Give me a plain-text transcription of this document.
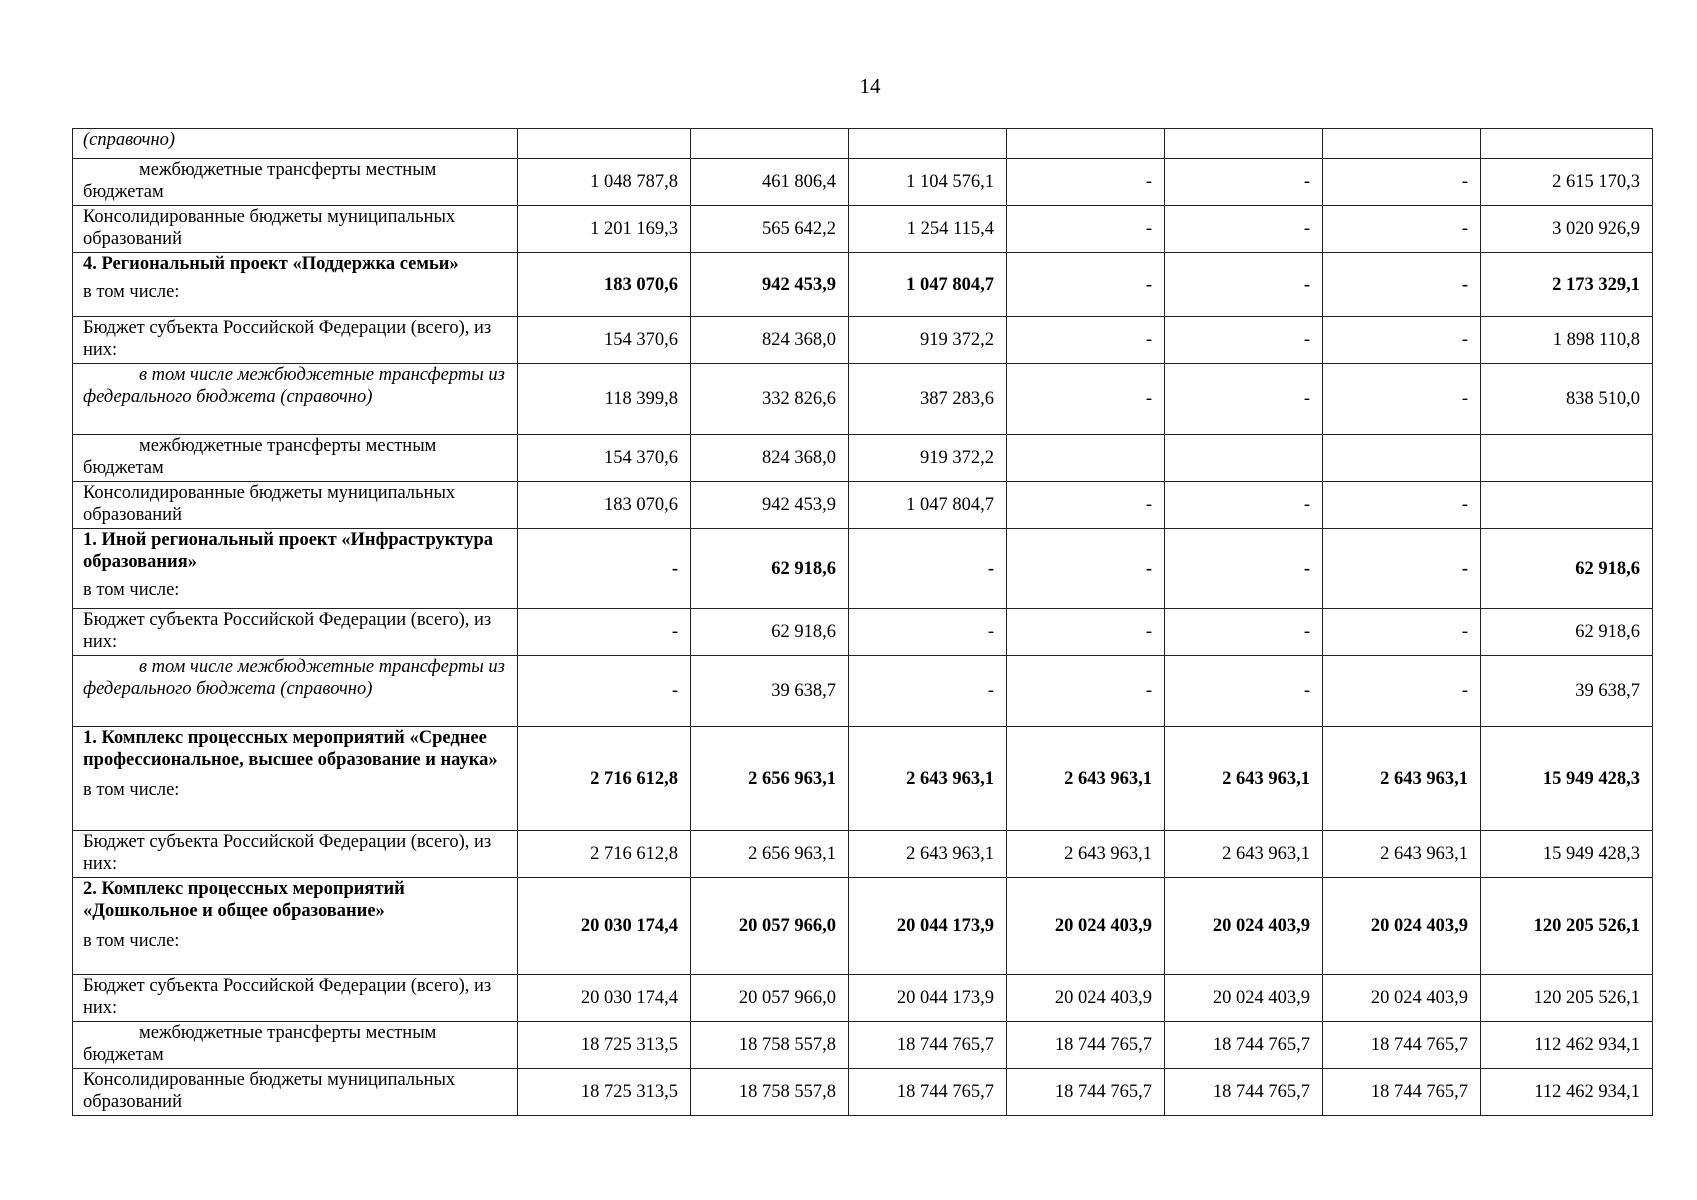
14
(справочно)								

межбюджетные трансферты местным бюджетам	1 048 787,8	461 806,4	1 104 576,1	-	-	-	2 615 170,3	

Консолидированные бюджеты муниципальных образований	1 201 169,3	565 642,2	1 254 115,4	-	-	-	3 020 926,9	

4. Региональный проект «Поддержка семьи»
в том числе:	183 070,6	942 453,9	1 047 804,7	-	-	-	2 173 329,1	

Бюджет субъекта Российской Федерации (всего), из них:	154 370,6	824 368,0	919 372,2	-	-	-	1 898 110,8	

в том числе межбюджетные трансферты из федерального бюджета (справочно)	118 399,8	332 826,6	387 283,6	-	-	-	838 510,0	

межбюджетные трансферты местным бюджетам	154 370,6	824 368,0	919 372,2					

Консолидированные бюджеты муниципальных образований	183 070,6	942 453,9	1 047 804,7	-	-	-		

1. Иной региональный проект «Инфраструктура образования»
в том числе:	-	62 918,6	-	-	-	-	62 918,6	

Бюджет субъекта Российской Федерации (всего), из них:	-	62 918,6	-	-	-	-	62 918,6	

в том числе межбюджетные трансферты из федерального бюджета (справочно)	-	39 638,7	-	-	-	-	39 638,7	

1. Комплекс процессных мероприятий «Среднее профессиональное, высшее образование и наука»
в том числе:	2 716 612,8	2 656 963,1	2 643 963,1	2 643 963,1	2 643 963,1	2 643 963,1	15 949 428,3	

Бюджет субъекта Российской Федерации (всего), из них:	2 716 612,8	2 656 963,1	2 643 963,1	2 643 963,1	2 643 963,1	2 643 963,1	15 949 428,3	

2. Комплекс процессных мероприятий «Дошкольное и общее образование»
в том числе:	20 030 174,4	20 057 966,0	20 044 173,9	20 024 403,9	20 024 403,9	20 024 403,9	120 205 526,1	

Бюджет субъекта Российской Федерации (всего), из них:	20 030 174,4	20 057 966,0	20 044 173,9	20 024 403,9	20 024 403,9	20 024 403,9	120 205 526,1	

межбюджетные трансферты местным бюджетам	18 725 313,5	18 758 557,8	18 744 765,7	18 744 765,7	18 744 765,7	18 744 765,7	112 462 934,1	

Консолидированные бюджеты муниципальных образований	18 725 313,5	18 758 557,8	18 744 765,7	18 744 765,7	18 744 765,7	18 744 765,7	112 462 934,1	
